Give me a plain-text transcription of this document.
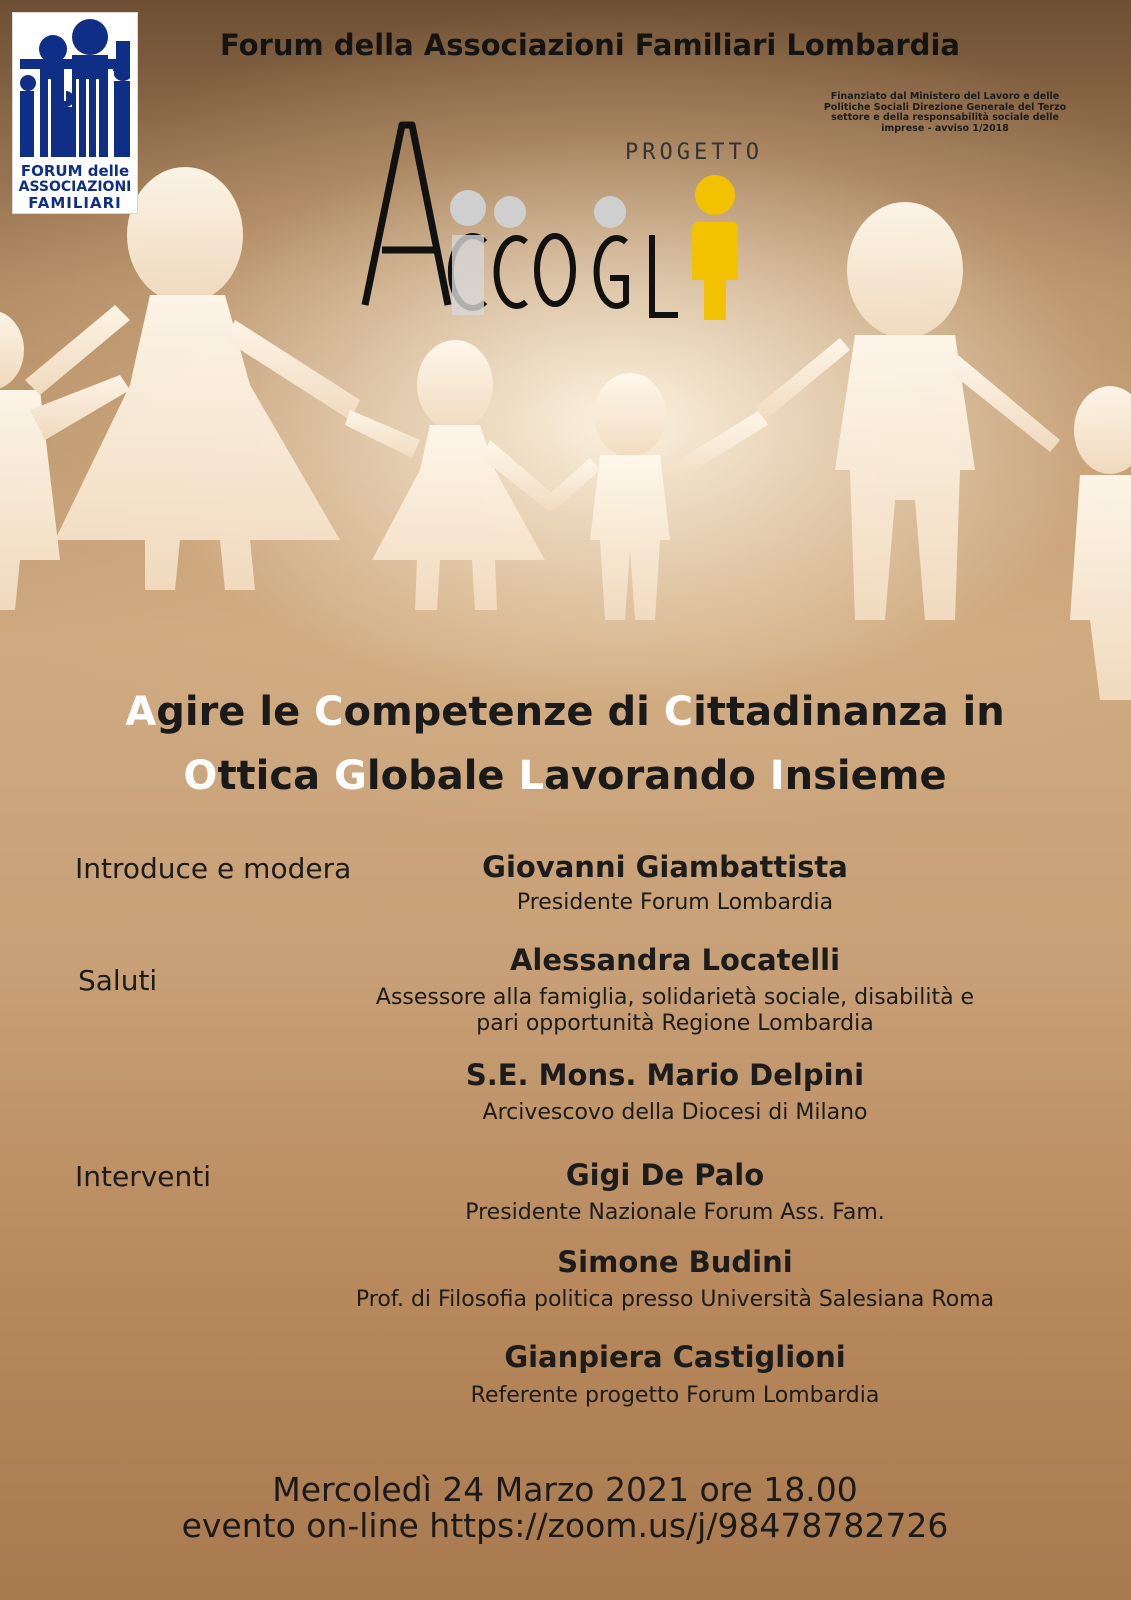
FORUM delle
ASSOCIAZIONI
FAMILIARI
Forum della Associazioni Familiari Lombardia
Finanziato dal Ministero del Lavoro e delle Politiche Sociali Direzione Generale del Terzo settore e della responsabilità sociale delle imprese - avviso 1/2018
PROGETTO
Agire le Competenze di Cittadinanza in
Ottica Globale Lavorando Insieme
Introduce e modera
Saluti
Interventi
Giovanni Giambattista
Presidente Forum Lombardia
Alessandra Locatelli
Assessore alla famiglia, solidarietà sociale, disabilità e
pari opportunità Regione Lombardia
S.E. Mons. Mario Delpini
Arcivescovo della Diocesi di Milano
Gigi De Palo
Presidente Nazionale Forum Ass. Fam.
Simone Budini
Prof. di Filosofia politica presso Università Salesiana Roma
Gianpiera Castiglioni
Referente progetto Forum Lombardia
Mercoledì 24 Marzo 2021 ore 18.00
evento on-line https://zoom.us/j/98478782726
